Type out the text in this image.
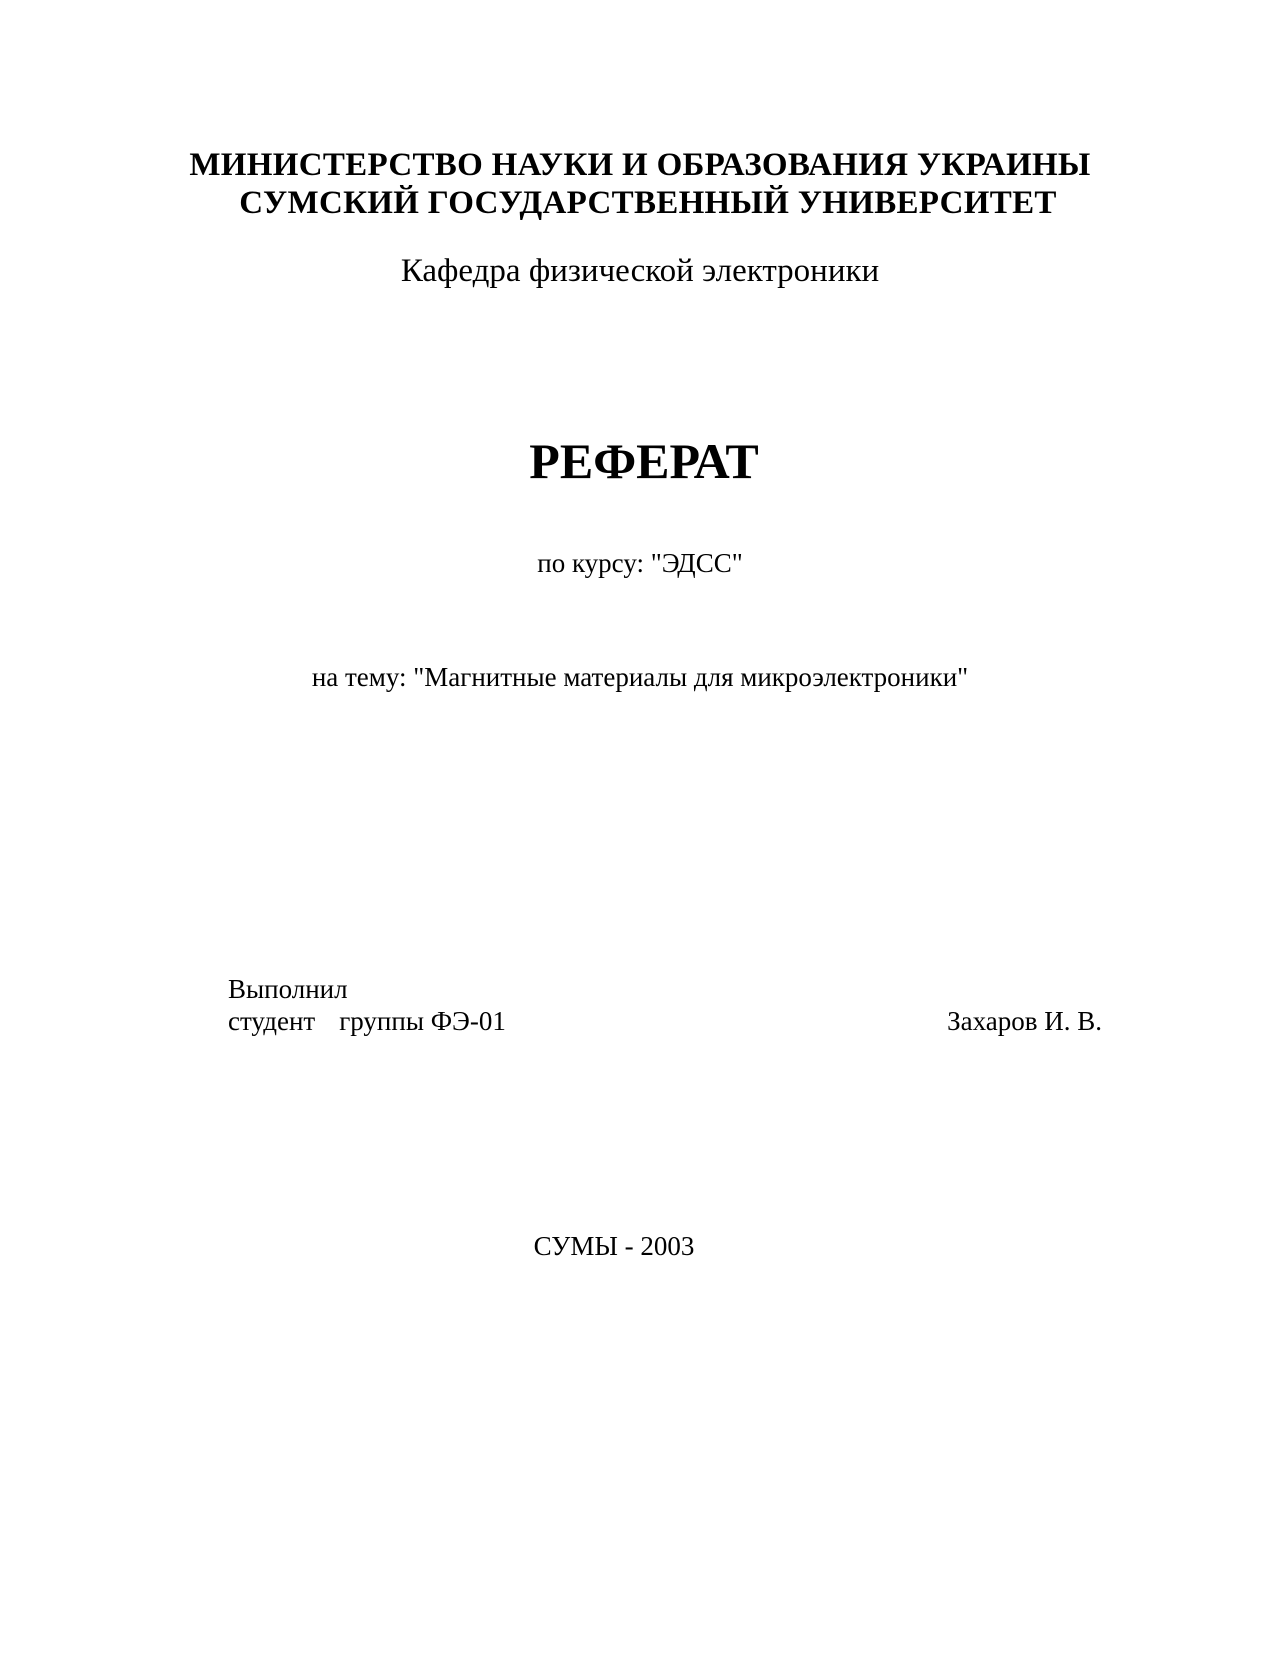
МИНИСТЕРСТВО НАУКИ И ОБРАЗОВАНИЯ УКРАИНЫ
СУМСКИЙ ГОСУДАРСТВЕННЫЙ УНИВЕРСИТЕТ
Кафедра физической электроники
РЕФЕРАТ
по курсу: "ЭДСС"
на тему: "Магнитные материалы для микроэлектроники"
Выполнил
студент группы ФЭ-01	Захаров И. В.
СУМЫ - 2003
